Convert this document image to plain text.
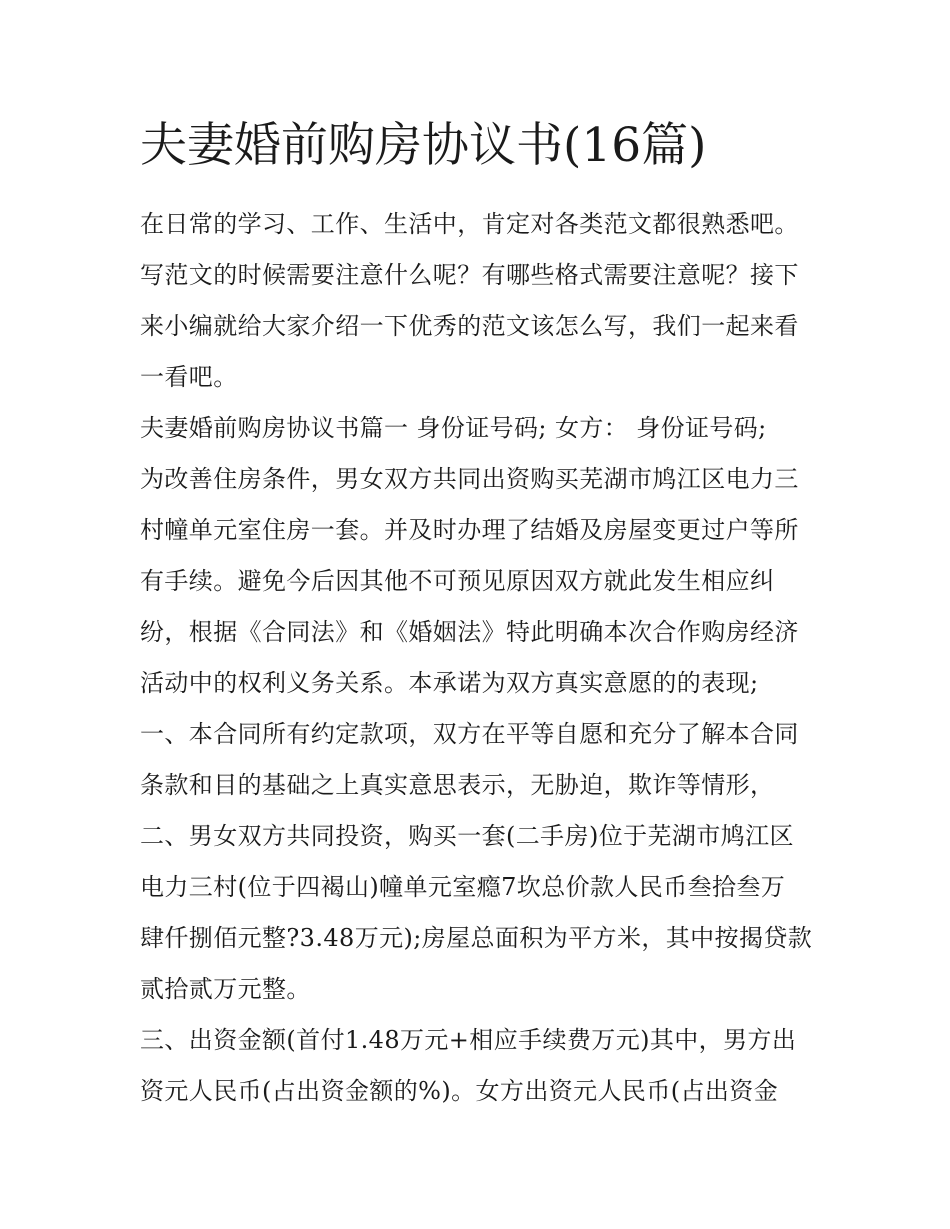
夫妻婚前购房协议书(16篇)
在日常的学习、工作、生活中，肯定对各类范文都很熟悉吧。
写范文的时候需要注意什么呢？有哪些格式需要注意呢？接下
来小编就给大家介绍一下优秀的范文该怎么写，我们一起来看
一看吧。
夫妻婚前购房协议书篇一 身份证号码; 女方： 身份证号码;
为改善住房条件，男女双方共同出资购买芜湖市鸠江区电力三
村幢单元室住房一套。并及时办理了结婚及房屋变更过户等所
有手续。避免今后因其他不可预见原因双方就此发生相应纠
纷，根据《合同法》和《婚姻法》特此明确本次合作购房经济
活动中的权利义务关系。本承诺为双方真实意愿的的表现;
一、本合同所有约定款项，双方在平等自愿和充分了解本合同
条款和目的基础之上真实意思表示，无胁迫，欺诈等情形，
二、男女双方共同投资，购买一套(二手房)位于芜湖市鸠江区
电力三村(位于四褐山)幢单元室瘾7坎总价款人民币叁拾叁万
肆仟捌佰元整?3.48万元);房屋总面积为平方米，其中按揭贷款
贰拾贰万元整。
三、出资金额(首付1.48万元+相应手续费万元)其中，男方出
资元人民币(占出资金额的%)。女方出资元人民币(占出资金
